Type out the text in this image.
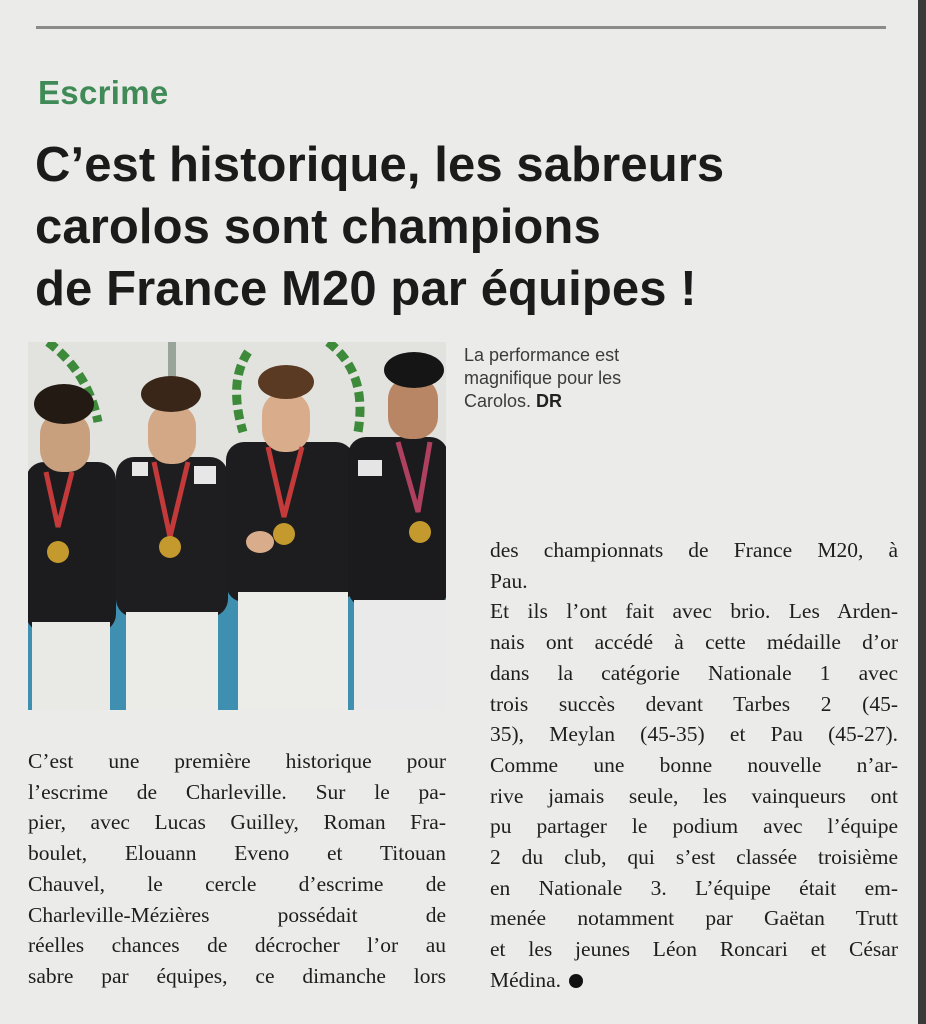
Escrime
C’est historique, les sabreurs
carolos sont champions
de France M20 par équipes !
La performance est
magnifique pour les
Carolos. DR
C’est une première historique pour
l’escrime de Charleville. Sur le pa-
pier, avec Lucas Guilley, Roman Fra-
boulet, Elouann Eveno et Titouan
Chauvel, le cercle d’escrime de
Charleville-Mézières possédait de
réelles chances de décrocher l’or au
sabre par équipes, ce dimanche lors
des championnats de France M20, à
Pau.
Et ils l’ont fait avec brio. Les Arden-
nais ont accédé à cette médaille d’or
dans la catégorie Nationale 1 avec
trois succès devant Tarbes 2 (45-
35), Meylan (45-35) et Pau (45-27).
Comme une bonne nouvelle n’ar-
rive jamais seule, les vainqueurs ont
pu partager le podium avec l’équipe
2 du club, qui s’est classée troisième
en Nationale 3. L’équipe était em-
menée notamment par Gaëtan Trutt
et les jeunes Léon Roncari et César
Médina.
